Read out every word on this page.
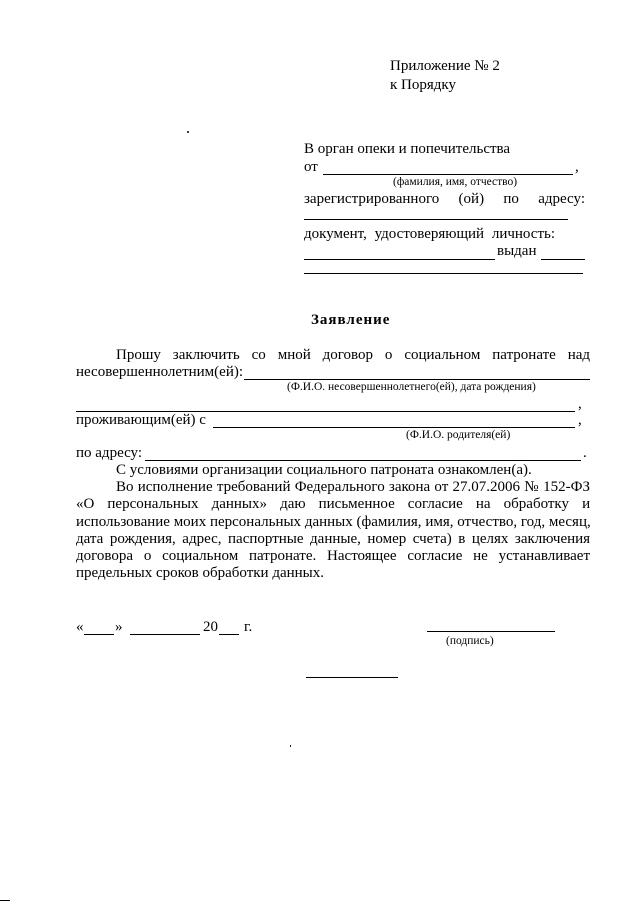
Приложение № 2
к Порядку
В орган опеки и попечительства
от	,
(фамилия, имя, отчество)
зарегистрированного (ой) по адресу:
документ, удостоверяющий личность:
выдан
Заявление
Прошу заключить со мной договор о социальном патронате над
несовершеннолетним(ей):
(Ф.И.О. несовершеннолетнего(ей), дата рождения)
,
проживающим(ей) с	,
(Ф.И.О. родителя(ей)
по адресу:	.
С условиями организации социального патроната ознакомлен(а).
Во исполнение требований Федерального закона от 27.07.2006 № 152-ФЗ
«О персональных данных» даю письменное согласие на обработку и
использование моих персональных данных (фамилия, имя, отчество, год, месяц,
дата рождения, адрес, паспортные данные, номер счета) в целях заключения
договора о социальном патронате. Настоящее согласие не устанавливает
предельных сроков обработки данных.
« »	20 г.
(подпись)
